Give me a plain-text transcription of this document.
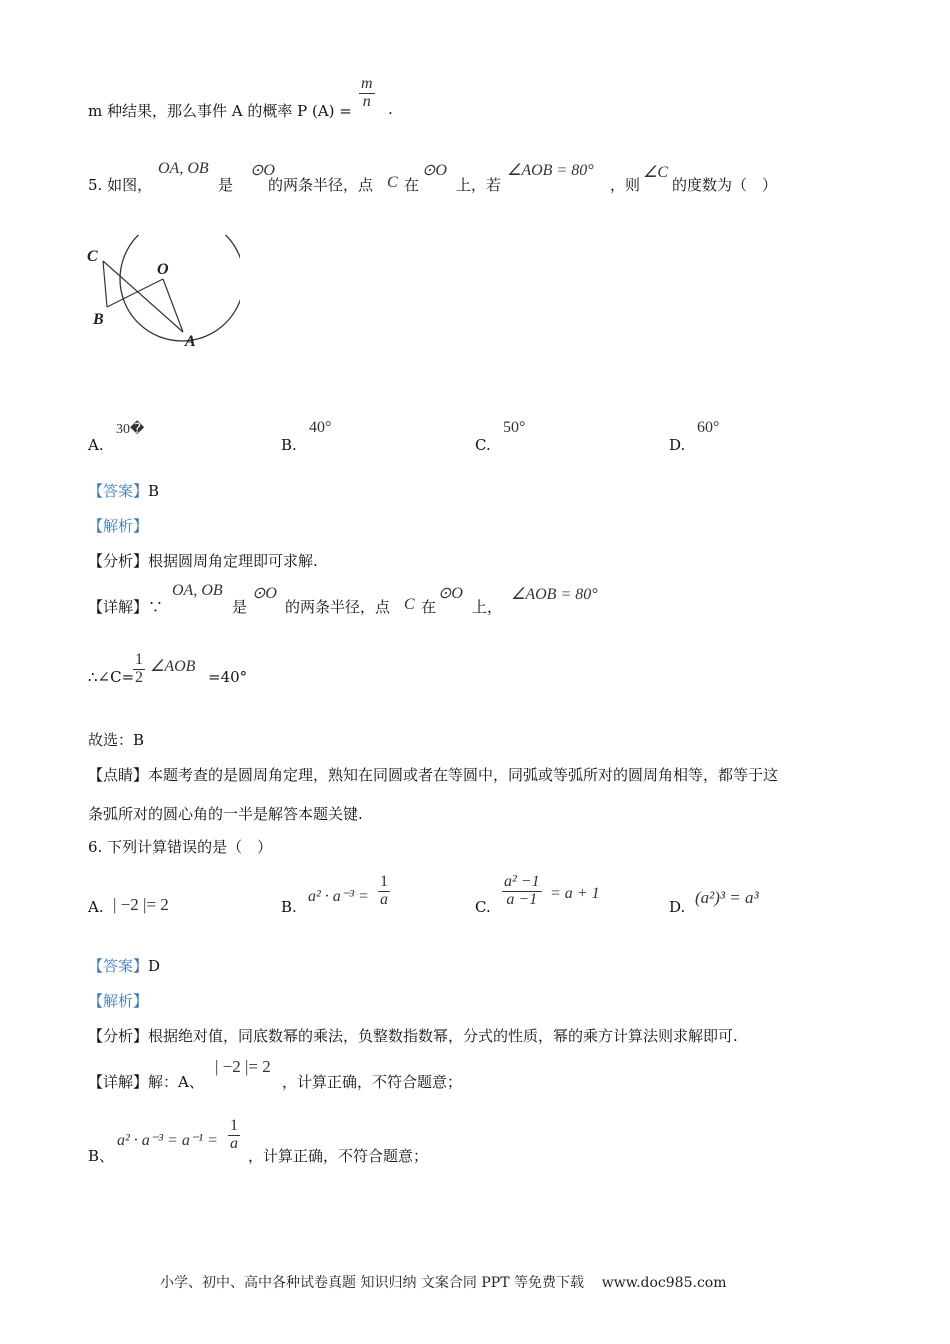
m 种结果，那么事件 A 的概率 P (A) =
$\frac{m}{n}$ .
5. 如图，
OA, OB
是
⊙O
的两条半径，点 C 在
⊙O
上，若
∠AOB = 80°
，则
∠C
的度数为（　）
C
O
B
A
A.
30�
B.
40°
C.
50°
D.
60°
【答案】B
【解析】
【分析】根据圆周角定理即可求解.
【详解】∵
OA, OB
是
⊙O
的两条半径，点 C 在
⊙O
上，
∠AOB = 80°
∴∠C=
$\frac{1}{2}$ ∠AOB
=40°
故选：B
【点睛】本题考查的是圆周角定理，熟知在同圆或者在等圆中，同弧或等弧所对的圆周角相等，都等于这
条弧所对的圆心角的一半是解答本题关键.
6. 下列计算错误的是（　）
A. | −2 |= 2	B.
$a^2 \cdot a^{-3} = \frac{1}{a}$	C. $\frac{\text{a² −1}}{a -1} = a + 1$
D. (a²)³ = a³
【答案】D
【解析】
【分析】根据绝对值，同底数幂的乘法，负整数指数幂，分式的性质，幂的乘方计算法则求解即可.
【详解】解：A、
| −2 |= 2
，计算正确，不符合题意；
B、
$a^2 \cdot a^{-3} = a^{-1} = \frac{1}{a}$
，计算正确，不符合题意；
小学、初中、高中各种试卷真题 知识归纳 文案合同 PPT 等免费下载 www.doc985.com
